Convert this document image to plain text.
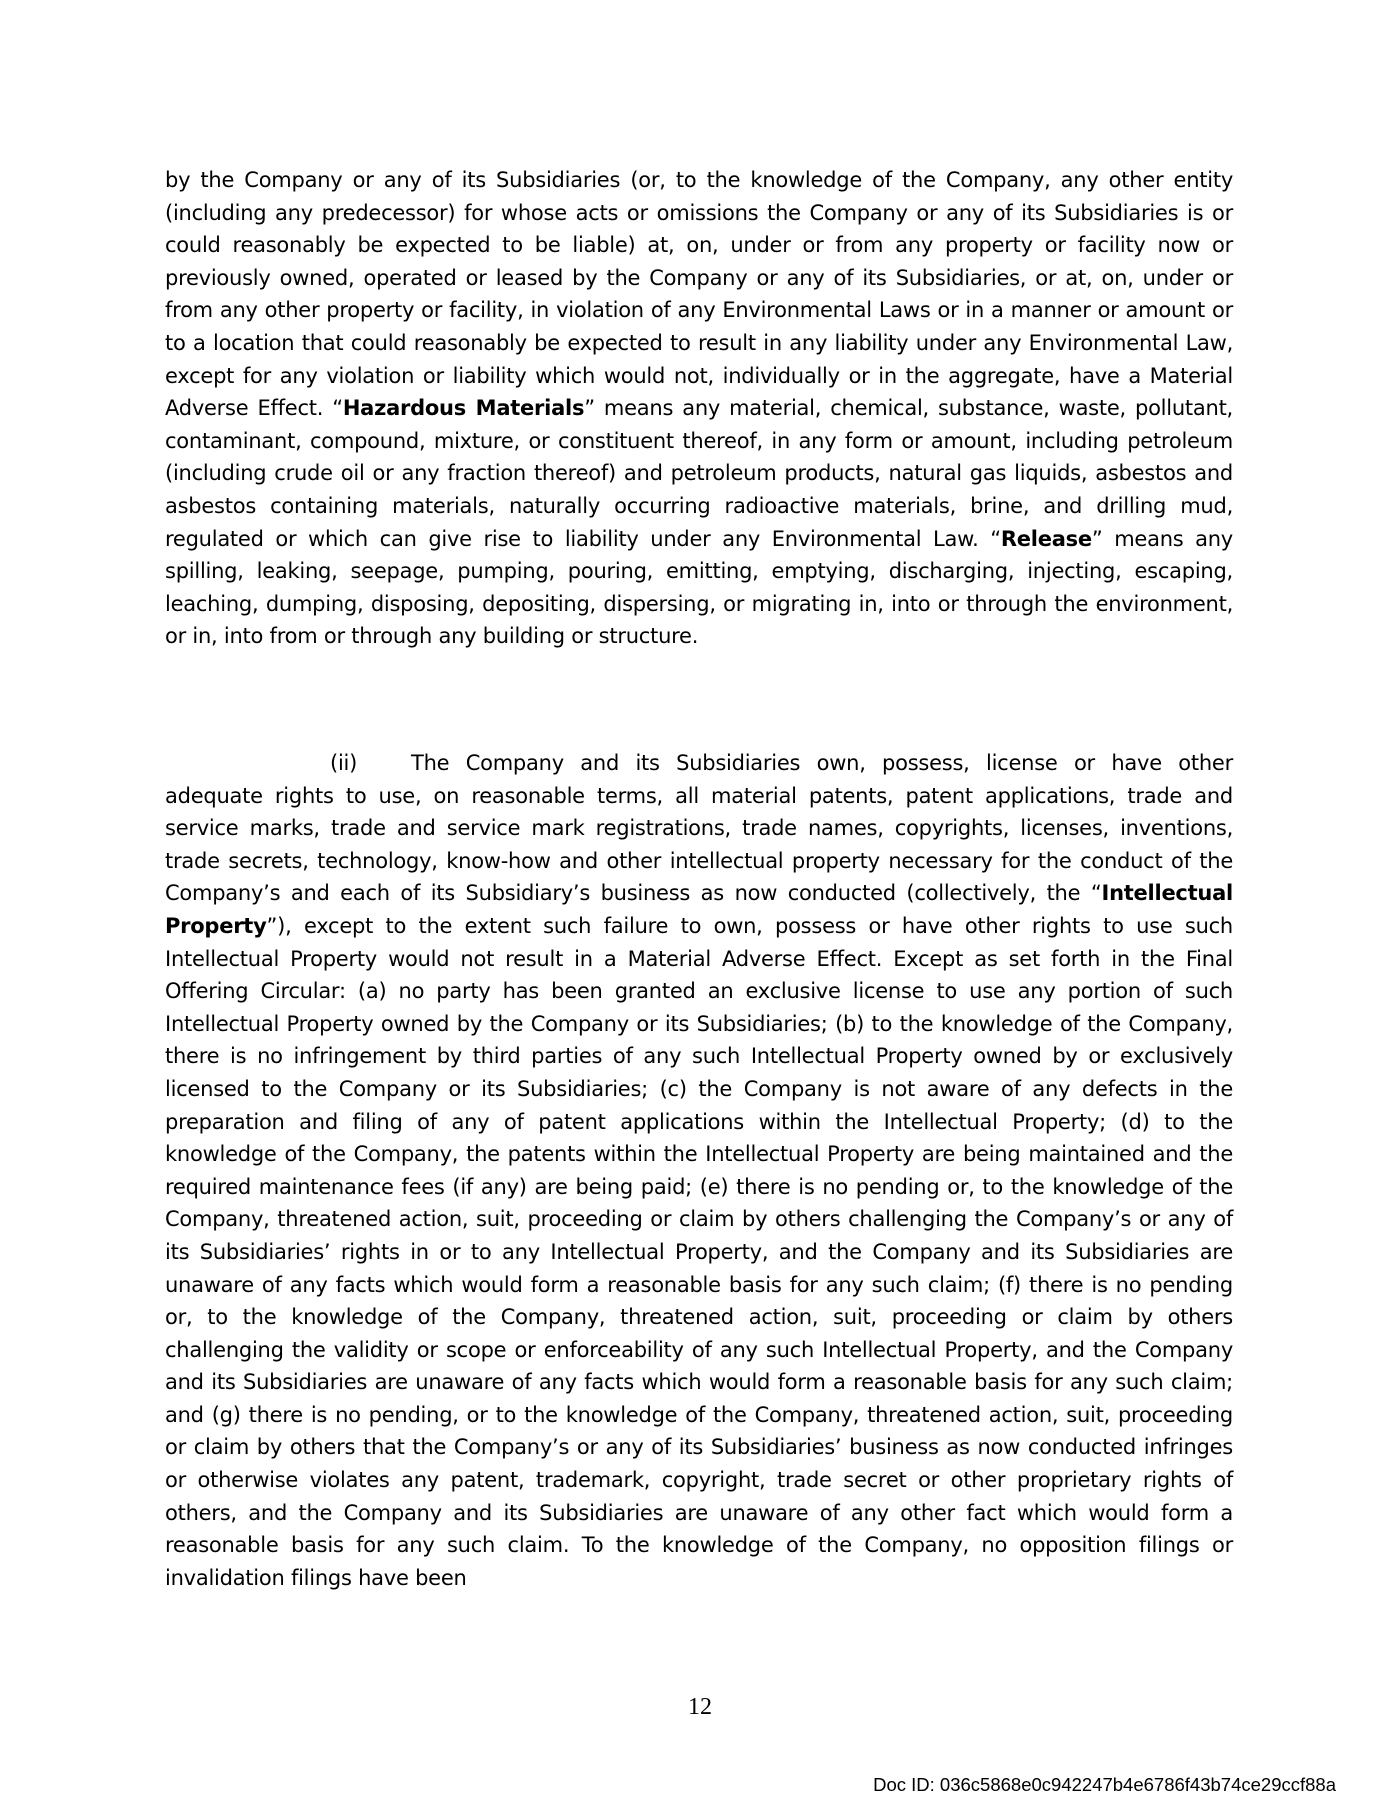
by the Company or any of its Subsidiaries (or, to the knowledge of the Company, any other entity (including any predecessor) for whose acts or omissions the Company or any of its Subsidiaries is or could reasonably be expected to be liable) at, on, under or from any property or facility now or previously owned, operated or leased by the Company or any of its Subsidiaries, or at, on, under or from any other property or facility, in violation of any Environmental Laws or in a manner or amount or to a location that could reasonably be expected to result in any liability under any Environmental Law, except for any violation or liability which would not, individually or in the aggregate, have a Material Adverse Effect. “Hazardous Materials” means any material, chemical, substance, waste, pollutant, contaminant, compound, mixture, or constituent thereof, in any form or amount, including petroleum (including crude oil or any fraction thereof) and petroleum products, natural gas liquids, asbestos and asbestos containing materials, naturally occurring radioactive materials, brine, and drilling mud, regulated or which can give rise to liability under any Environmental Law. “Release” means any spilling, leaking, seepage, pumping, pouring, emitting, emptying, discharging, injecting, escaping, leaching, dumping, disposing, depositing, dispersing, or migrating in, into or through the environment, or in, into from or through any building or structure.
(ii)	The Company and its Subsidiaries own, possess, license or have other adequate rights to use, on reasonable terms, all material patents, patent applications, trade and service marks, trade and service mark registrations, trade names, copyrights, licenses, inventions, trade secrets, technology, know-how and other intellectual property necessary for the conduct of the Company’s and each of its Subsidiary’s business as now conducted (collectively, the “Intellectual Property”), except to the extent such failure to own, possess or have other rights to use such Intellectual Property would not result in a Material Adverse Effect. Except as set forth in the Final Offering Circular: (a) no party has been granted an exclusive license to use any portion of such Intellectual Property owned by the Company or its Subsidiaries; (b) to the knowledge of the Company, there is no infringement by third parties of any such Intellectual Property owned by or exclusively licensed to the Company or its Subsidiaries; (c) the Company is not aware of any defects in the preparation and filing of any of patent applications within the Intellectual Property; (d) to the knowledge of the Company, the patents within the Intellectual Property are being maintained and the required maintenance fees (if any) are being paid; (e) there is no pending or, to the knowledge of the Company, threatened action, suit, proceeding or claim by others challenging the Company’s or any of its Subsidiaries’ rights in or to any Intellectual Property, and the Company and its Subsidiaries are unaware of any facts which would form a reasonable basis for any such claim; (f) there is no pending or, to the knowledge of the Company, threatened action, suit, proceeding or claim by others challenging the validity or scope or enforceability of any such Intellectual Property, and the Company and its Subsidiaries are unaware of any facts which would form a reasonable basis for any such claim; and (g) there is no pending, or to the knowledge of the Company, threatened action, suit, proceeding or claim by others that the Company’s or any of its Subsidiaries’ business as now conducted infringes or otherwise violates any patent, trademark, copyright, trade secret or other proprietary rights of others, and the Company and its Subsidiaries are unaware of any other fact which would form a reasonable basis for any such claim. To the knowledge of the Company, no opposition filings or invalidation filings have been
12
Doc ID: 036c5868e0c942247b4e6786f43b74ce29ccf88a
